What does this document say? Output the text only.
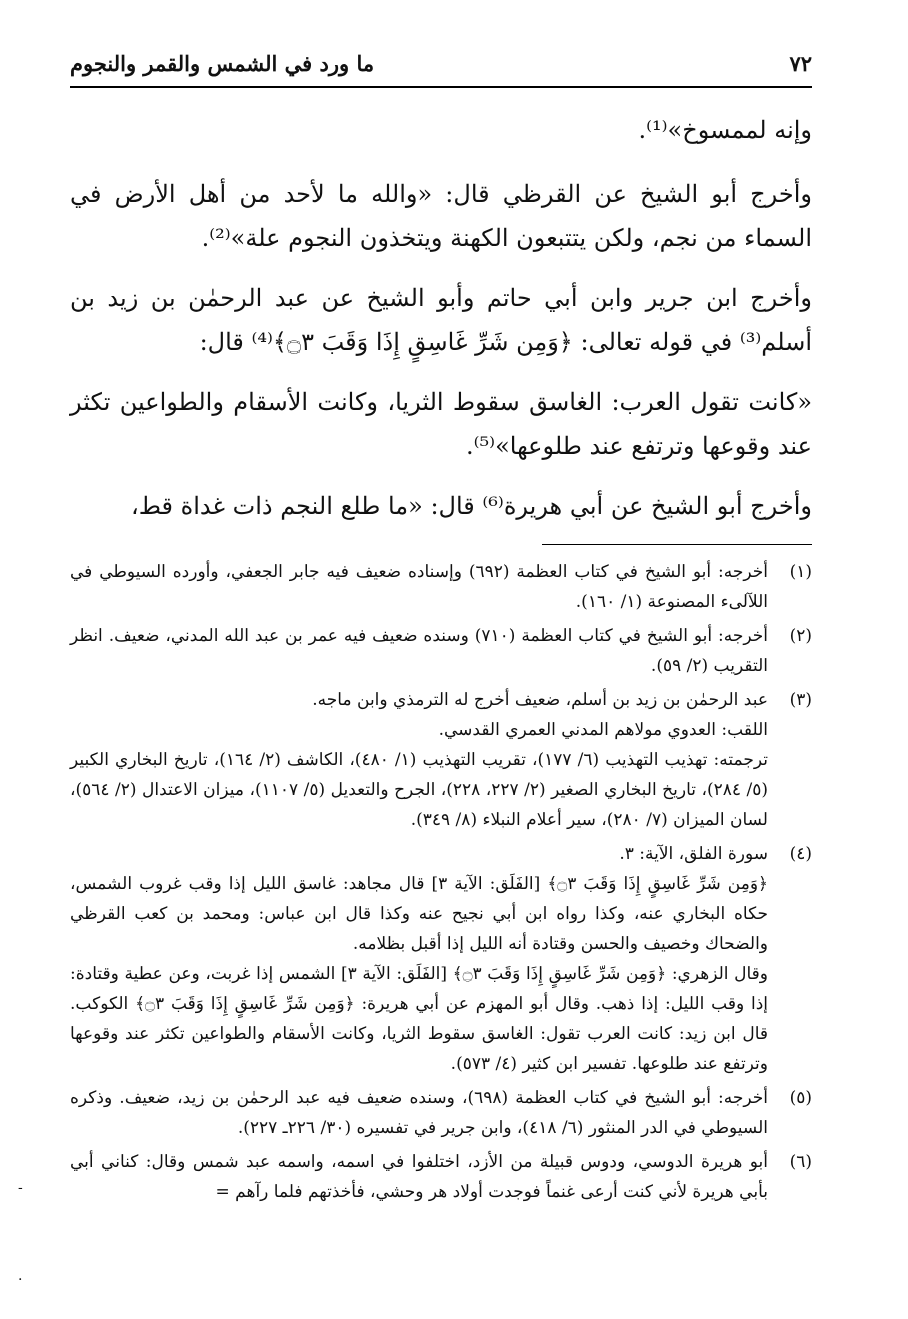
٧٢
ما ورد في الشمس والقمر والنجوم

وإنه لممسوخ»⁽¹⁾.

وأخرج أبو الشيخ عن القرظي قال: «والله ما لأحد من أهل الأرض في السماء من نجم، ولكن يتتبعون الكهنة ويتخذون النجوم علة»⁽²⁾.

وأخرج ابن جرير وابن أبي حاتم وأبو الشيخ عن عبد الرحمٰن بن زيد بن أسلم⁽³⁾ في قوله تعالى: ﴿وَمِن شَرِّ غَاسِقٍ إِذَا وَقَبَ ۝٣﴾⁽⁴⁾ قال:

«كانت تقول العرب: الغاسق سقوط الثريا، وكانت الأسقام والطواعين تكثر عند وقوعها وترتفع عند طلوعها»⁽⁵⁾.

وأخرج أبو الشيخ عن أبي هريرة⁽⁶⁾ قال: «ما طلع النجم ذات غداة قط،

(١)

أخرجه: أبو الشيخ في كتاب العظمة (٦٩٢) وإسناده ضعيف فيه جابر الجعفي، وأورده السيوطي في اللآلىء المصنوعة (١/ ١٦٠).

(٢)

أخرجه: أبو الشيخ في كتاب العظمة (٧١٠) وسنده ضعيف فيه عمر بن عبد الله المدني، ضعيف. انظر التقريب (٢/ ٥٩).

(٣)

عبد الرحمٰن بن زيد بن أسلم، ضعيف أخرج له الترمذي وابن ماجه.

اللقب: العدوي مولاهم المدني العمري القدسي.

ترجمته: تهذيب التهذيب (٦/ ١٧٧)، تقريب التهذيب (١/ ٤٨٠)، الكاشف (٢/ ١٦٤)، تاريخ البخاري الكبير (٥/ ٢٨٤)، تاريخ البخاري الصغير (٢/ ٢٢٧، ٢٢٨)، الجرح والتعديل (٥/ ١١٠٧)، ميزان الاعتدال (٢/ ٥٦٤)، لسان الميزان (٧/ ٢٨٠)، سير أعلام النبلاء (٨/ ٣٤٩).

(٤)

سورة الفلق، الآية: ٣.

﴿وَمِن شَرِّ غَاسِقٍ إِذَا وَقَبَ ۝٣﴾ [الفَلَق: الآية ٣] قال مجاهد: غاسق الليل إذا وقب غروب الشمس، حكاه البخاري عنه، وكذا رواه ابن أبي نجيح عنه وكذا قال ابن عباس: ومحمد بن كعب القرظي والضحاك وخصيف والحسن وقتادة أنه الليل إذا أقبل بظلامه.

وقال الزهري: ﴿وَمِن شَرِّ غَاسِقٍ إِذَا وَقَبَ ۝٣﴾ [الفَلَق: الآية ٣] الشمس إذا غربت، وعن عطية وقتادة: إذا وقب الليل: إذا ذهب. وقال أبو المهزم عن أبي هريرة: ﴿وَمِن شَرِّ غَاسِقٍ إِذَا وَقَبَ ۝٣﴾ الكوكب. قال ابن زيد: كانت العرب تقول: الغاسق سقوط الثريا، وكانت الأسقام والطواعين تكثر عند وقوعها وترتفع عند طلوعها. تفسير ابن كثير (٤/ ٥٧٣).

(٥)

أخرجه: أبو الشيخ في كتاب العظمة (٦٩٨)، وسنده ضعيف فيه عبد الرحمٰن بن زيد، ضعيف. وذكره السيوطي في الدر المنثور (٦/ ٤١٨)، وابن جرير في تفسيره (٣٠/ ٢٢٦ـ ٢٢٧).

(٦)

أبو هريرة الدوسي، ودوس قبيلة من الأزد، اختلفوا في اسمه، واسمه عبد شمس وقال: كناني أبي بأبي هريرة لأني كنت أرعى غنماً فوجدت أولاد هر وحشي، فأخذتهم فلما رآهم =

-
.
